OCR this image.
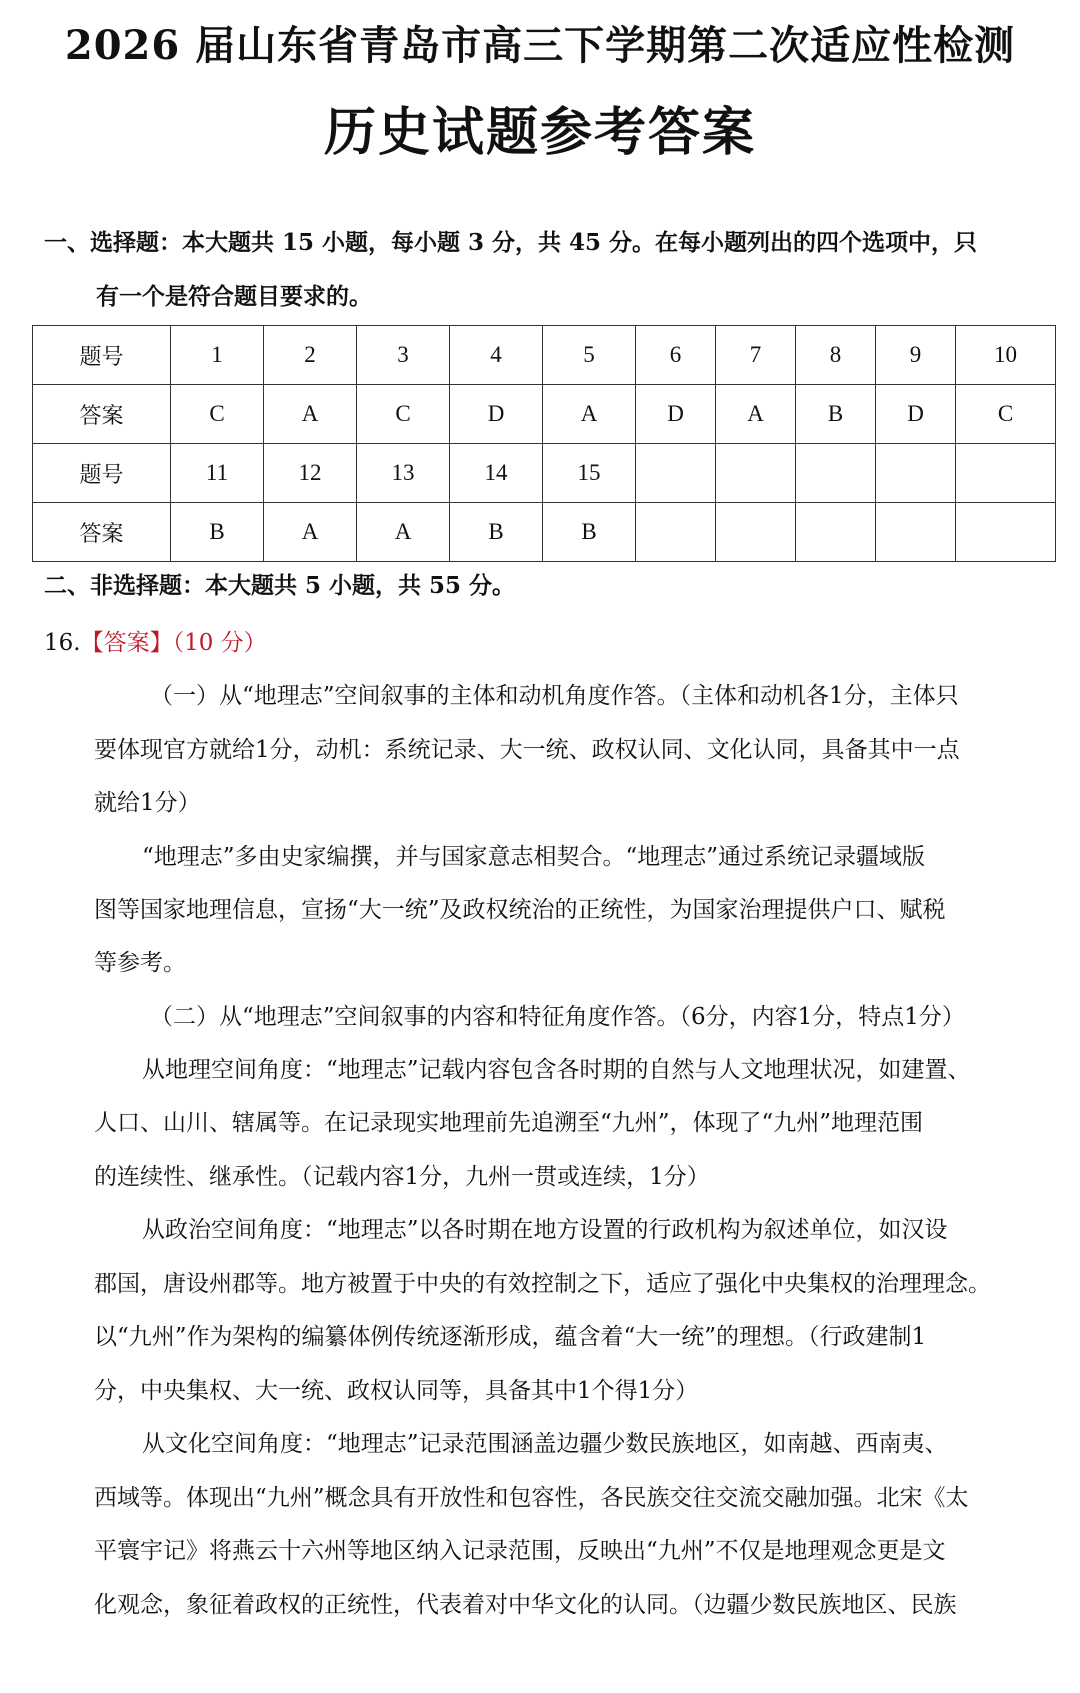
2026 届山东省青岛市高三下学期第二次适应性检测
历史试题参考答案
一、选择题：本大题共 15 小题，每小题 3 分，共 45 分。在每小题列出的四个选项中，只
有一个是符合题目要求的。
题号	1	2	3	4	5	6	7	8	9	10
答案	C	A	C	D	A	D	A	B	D	C
题号	11	12	13	14	15					
答案	B	A	A	B	B					
二、非选择题：本大题共 5 小题，共 55 分。
16.【答案】（10 分）
（一）从“地理志”空间叙事的主体和动机角度作答。（主体和动机各1分，主体只
要体现官方就给1分，动机：系统记录、大一统、政权认同、文化认同，具备其中一点
就给1分）
“地理志”多由史家编撰，并与国家意志相契合。“地理志”通过系统记录疆域版
图等国家地理信息，宣扬“大一统”及政权统治的正统性，为国家治理提供户口、赋税
等参考。
（二）从“地理志”空间叙事的内容和特征角度作答。（6分，内容1分，特点1分）
从地理空间角度：“地理志”记载内容包含各时期的自然与人文地理状况，如建置、
人口、山川、辖属等。在记录现实地理前先追溯至“九州”，体现了“九州”地理范围
的连续性、继承性。（记载内容1分，九州一贯或连续，1分）
从政治空间角度：“地理志”以各时期在地方设置的行政机构为叙述单位，如汉设
郡国，唐设州郡等。地方被置于中央的有效控制之下，适应了强化中央集权的治理理念。
以“九州”作为架构的编纂体例传统逐渐形成，蕴含着“大一统”的理想。（行政建制1
分，中央集权、大一统、政权认同等，具备其中1个得1分）
从文化空间角度：“地理志”记录范围涵盖边疆少数民族地区，如南越、西南夷、
西域等。体现出“九州”概念具有开放性和包容性，各民族交往交流交融加强。北宋《太
平寰宇记》将燕云十六州等地区纳入记录范围，反映出“九州”不仅是地理观念更是文
化观念，象征着政权的正统性，代表着对中华文化的认同。（边疆少数民族地区、民族
